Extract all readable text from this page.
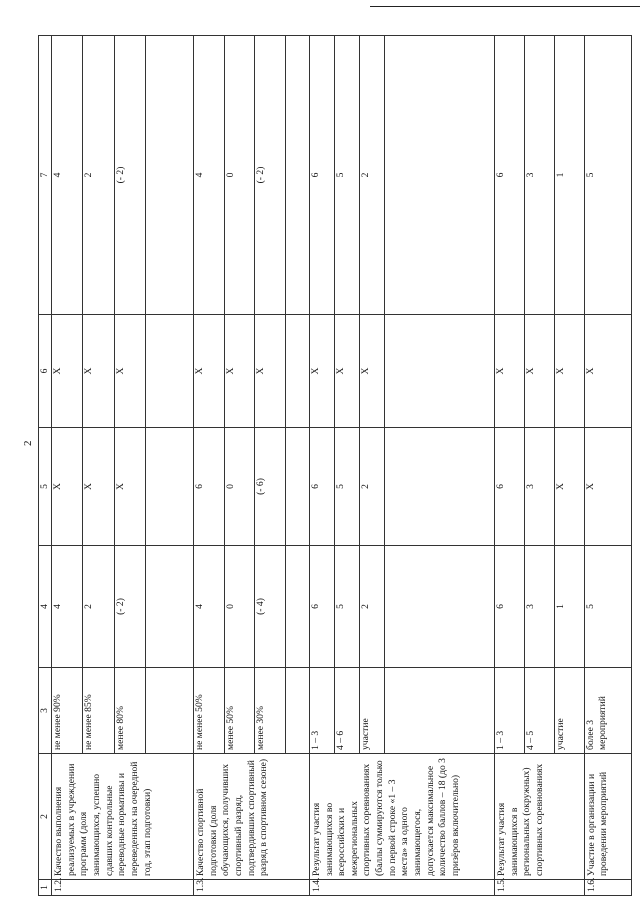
2
1	2	3	4	5	6	7
1.2.	Качество выполнения реализуемых в учреждении программ (доля занимающихся, успешно сдавших контрольные переводные нормативы и переведенных на очередной год, этап подготовки)	не менее 90%	4	X	X	4
		не менее 85%	2	X	X	2
		менее 80%	(- 2)	X	X	(- 2)

1.3.	Качество спортивной подготовки (доля обучающихся, получивших спортивный разряд, подтвердивших спортивный разряд в спортивном сезоне)	не менее 50%	4	6	X	4
		менее 50%	0	0	X	0
		менее 30%	(- 4)	(- 6)	X	(- 2)

1.4.	Результат участия занимающихся во всероссийских и межрегиональных спортивных соревнованиях (баллы суммируются только по первой строке «1 – 3 места» за одного занимающегося, допускается максимальное количество баллов – 18 (до 3 призёров включительно)	1 – 3	6	6	X	6
		4 – 6	5	5	X	5
		участие	2	2	X	2

1.5.	Результат участия занимающихся в региональных (окружных) спортивных соревнованиях	1 – 3	6	6	X	6
		4 – 5	3	3	X	3
		участие	1	X	X	1
1.6.	Участие в организации и проведении мероприятий	более 3 мероприятий	5	X	X	5
